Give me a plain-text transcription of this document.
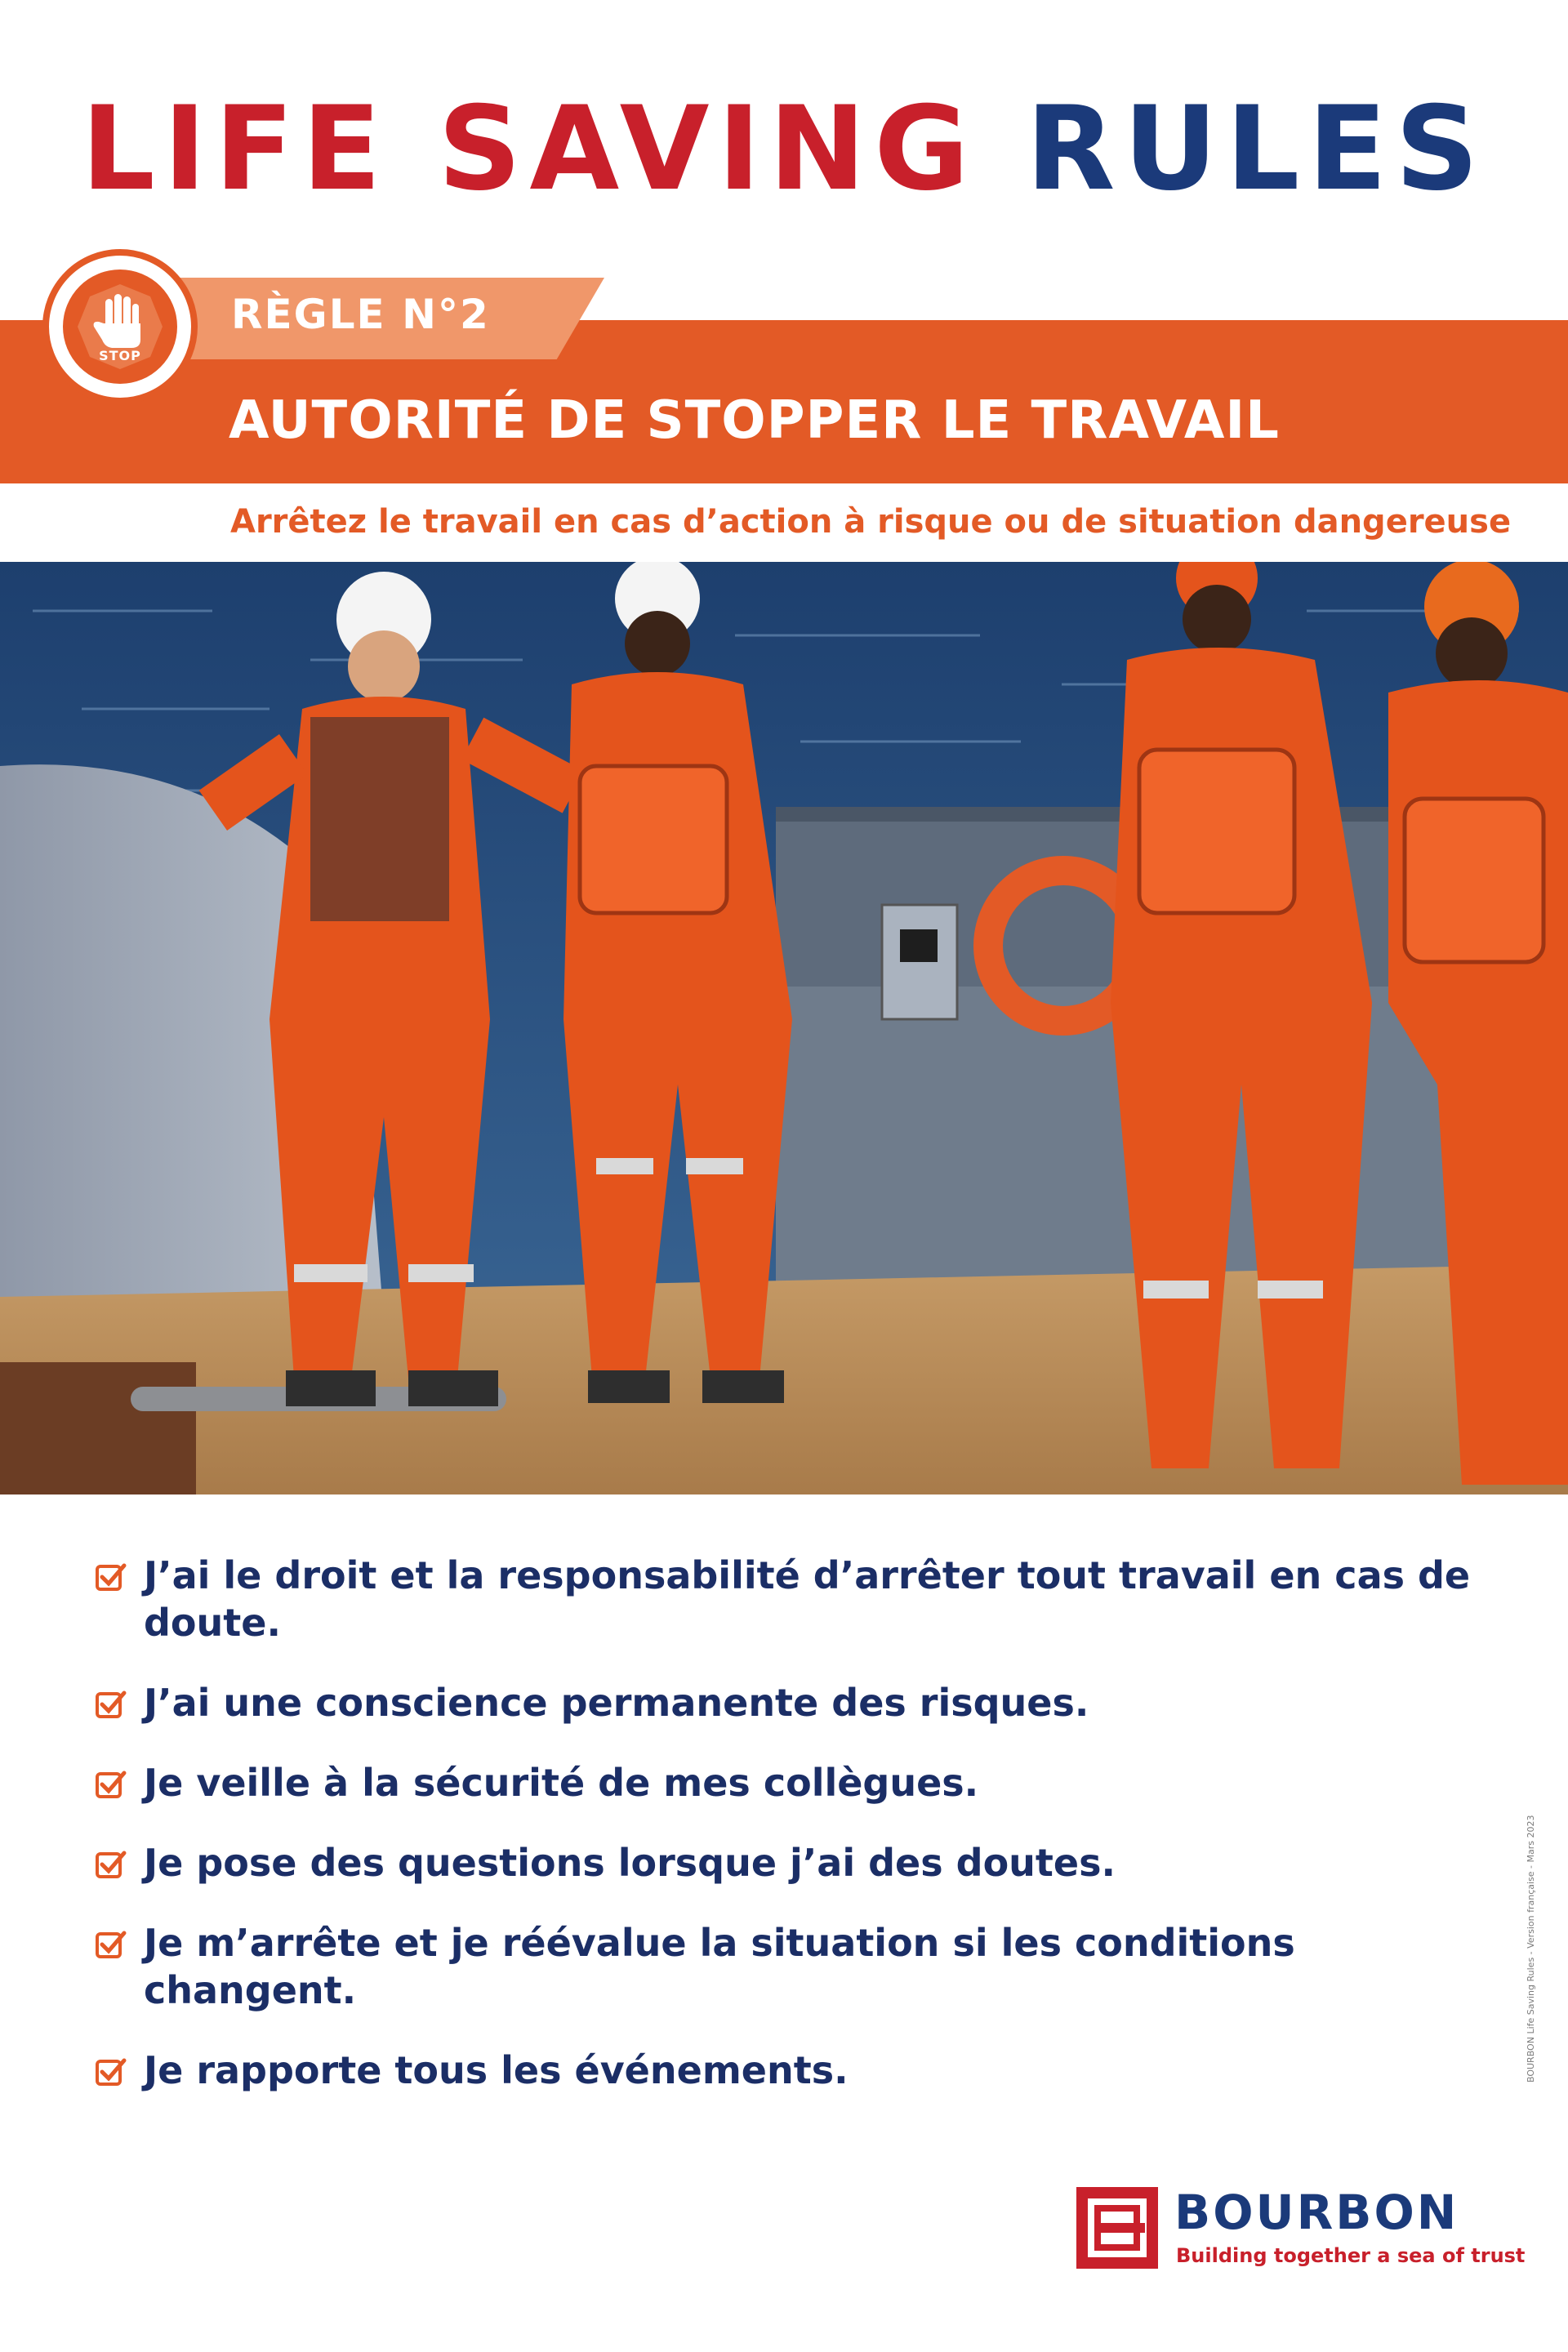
LIFE SAVING RULES
RÈGLE N°2
AUTORITÉ DE STOPPER LE TRAVAIL
Arrêtez le travail en cas d’action à risque ou de situation dangereuse
STOP
J’ai le droit et la responsabilité d’arrêter tout travail en cas de
doute.
J’ai une conscience permanente des risques.
Je veille à la sécurité de mes collègues.
Je pose des questions lorsque j’ai des doutes.
Je m’arrête et je réévalue la situation si les conditions changent.
Je rapporte tous les événements.	BOURBON Life Saving Rules - Version française - Mars 2023
BOURBON
Building together a sea of trust
